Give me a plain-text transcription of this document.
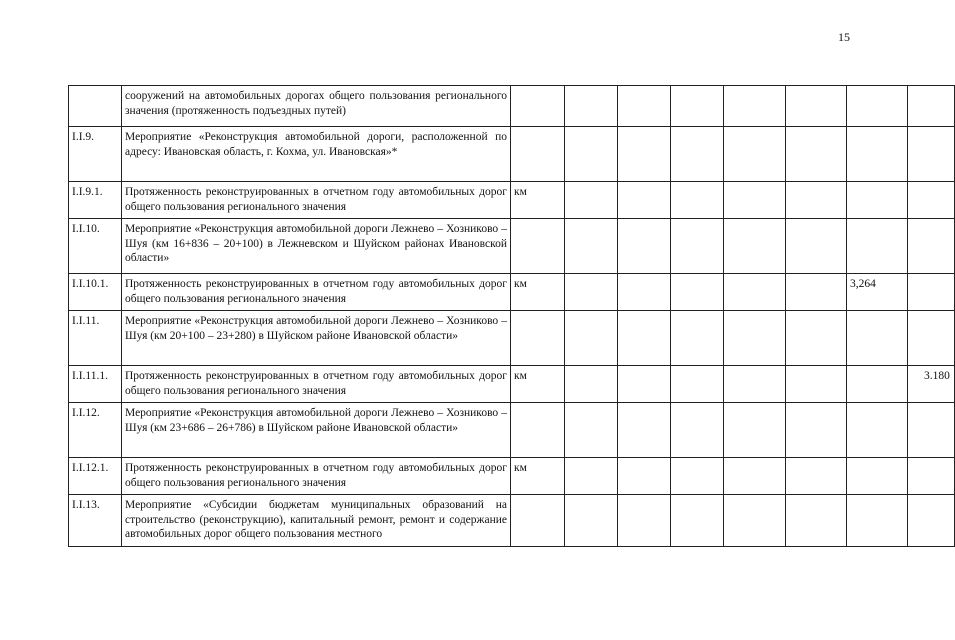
15
	сооружений на автомобильных дорогах общего пользования регионального значения (протяженность подъездных путей)								
I.I.9.	Мероприятие «Реконструкция автомобильной дороги, расположенной по адресу: Ивановская область, г. Кохма, ул. Ивановская»*								
I.I.9.1.	Протяженность реконструированных в отчетном году автомобильных дорог общего пользования регионального значения	км							
I.I.10.	Мероприятие «Реконструкция автомобильной дороги Лежнево – Хозниково – Шуя (км 16+836 – 20+100) в Лежневском и Шуйском районах Ивановской области»								
I.I.10.1.	Протяженность реконструированных в отчетном году автомобильных дорог общего пользования регионального значения	км						3,264	
I.I.11.	Мероприятие «Реконструкция автомобильной дороги Лежнево – Хозниково – Шуя (км 20+100 – 23+280) в Шуйском районе Ивановской области»								
I.I.11.1.	Протяженность реконструированных в отчетном году автомобильных дорог общего пользования регионального значения	км							3.180
I.I.12.	Мероприятие «Реконструкция автомобильной дороги Лежнево – Хозниково – Шуя (км 23+686 – 26+786) в Шуйском районе Ивановской области»								
I.I.12.1.	Протяженность реконструированных в отчетном году автомобильных дорог общего пользования регионального значения	км							
I.I.13.	Мероприятие «Субсидии бюджетам муниципальных образований на строительство (реконструкцию), капитальный ремонт, ремонт и содержание автомобильных дорог общего пользования местного								
